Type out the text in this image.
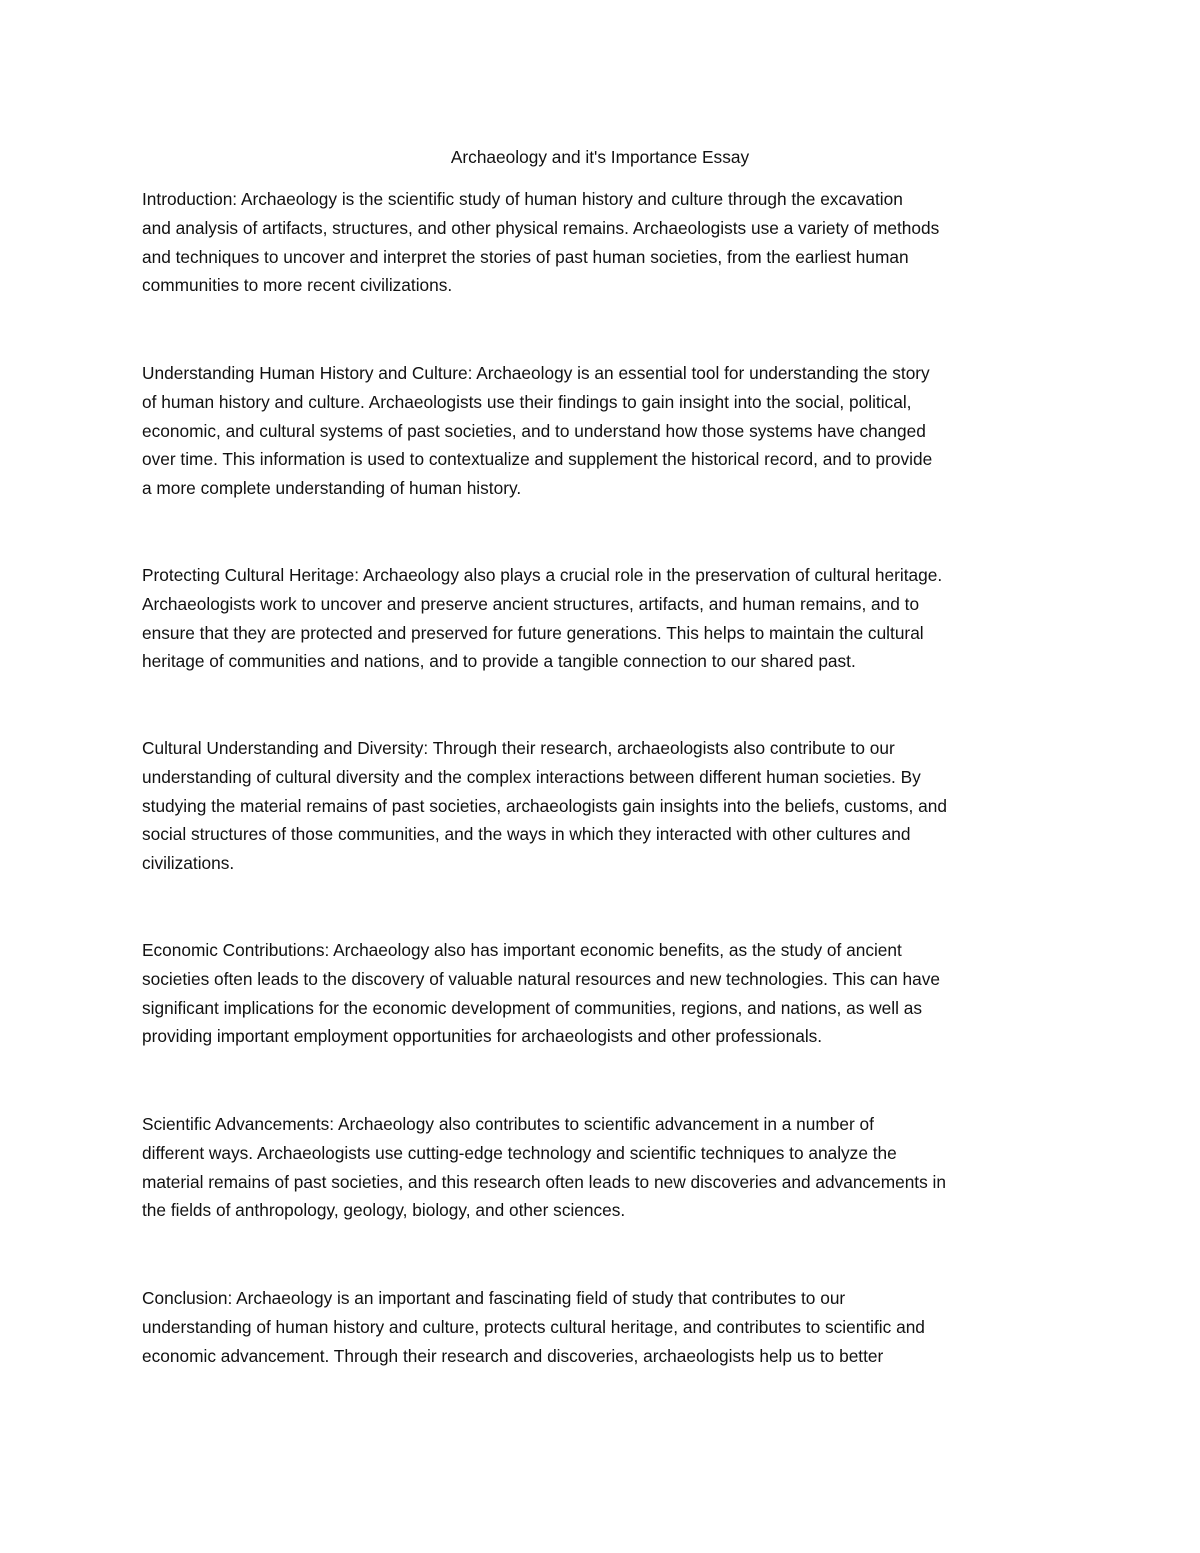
Archaeology and it's Importance Essay

Introduction: Archaeology is the scientific study of human history and culture through the excavation
and analysis of artifacts, structures, and other physical remains. Archaeologists use a variety of methods
and techniques to uncover and interpret the stories of past human societies, from the earliest human
communities to more recent civilizations.

Understanding Human History and Culture: Archaeology is an essential tool for understanding the story
of human history and culture. Archaeologists use their findings to gain insight into the social, political,
economic, and cultural systems of past societies, and to understand how those systems have changed
over time. This information is used to contextualize and supplement the historical record, and to provide
a more complete understanding of human history.

Protecting Cultural Heritage: Archaeology also plays a crucial role in the preservation of cultural heritage.
Archaeologists work to uncover and preserve ancient structures, artifacts, and human remains, and to
ensure that they are protected and preserved for future generations. This helps to maintain the cultural
heritage of communities and nations, and to provide a tangible connection to our shared past.

Cultural Understanding and Diversity: Through their research, archaeologists also contribute to our
understanding of cultural diversity and the complex interactions between different human societies. By
studying the material remains of past societies, archaeologists gain insights into the beliefs, customs, and
social structures of those communities, and the ways in which they interacted with other cultures and
civilizations.

Economic Contributions: Archaeology also has important economic benefits, as the study of ancient
societies often leads to the discovery of valuable natural resources and new technologies. This can have
significant implications for the economic development of communities, regions, and nations, as well as
providing important employment opportunities for archaeologists and other professionals.

Scientific Advancements: Archaeology also contributes to scientific advancement in a number of
different ways. Archaeologists use cutting-edge technology and scientific techniques to analyze the
material remains of past societies, and this research often leads to new discoveries and advancements in
the fields of anthropology, geology, biology, and other sciences.

Conclusion: Archaeology is an important and fascinating field of study that contributes to our
understanding of human history and culture, protects cultural heritage, and contributes to scientific and
economic advancement. Through their research and discoveries, archaeologists help us to better
